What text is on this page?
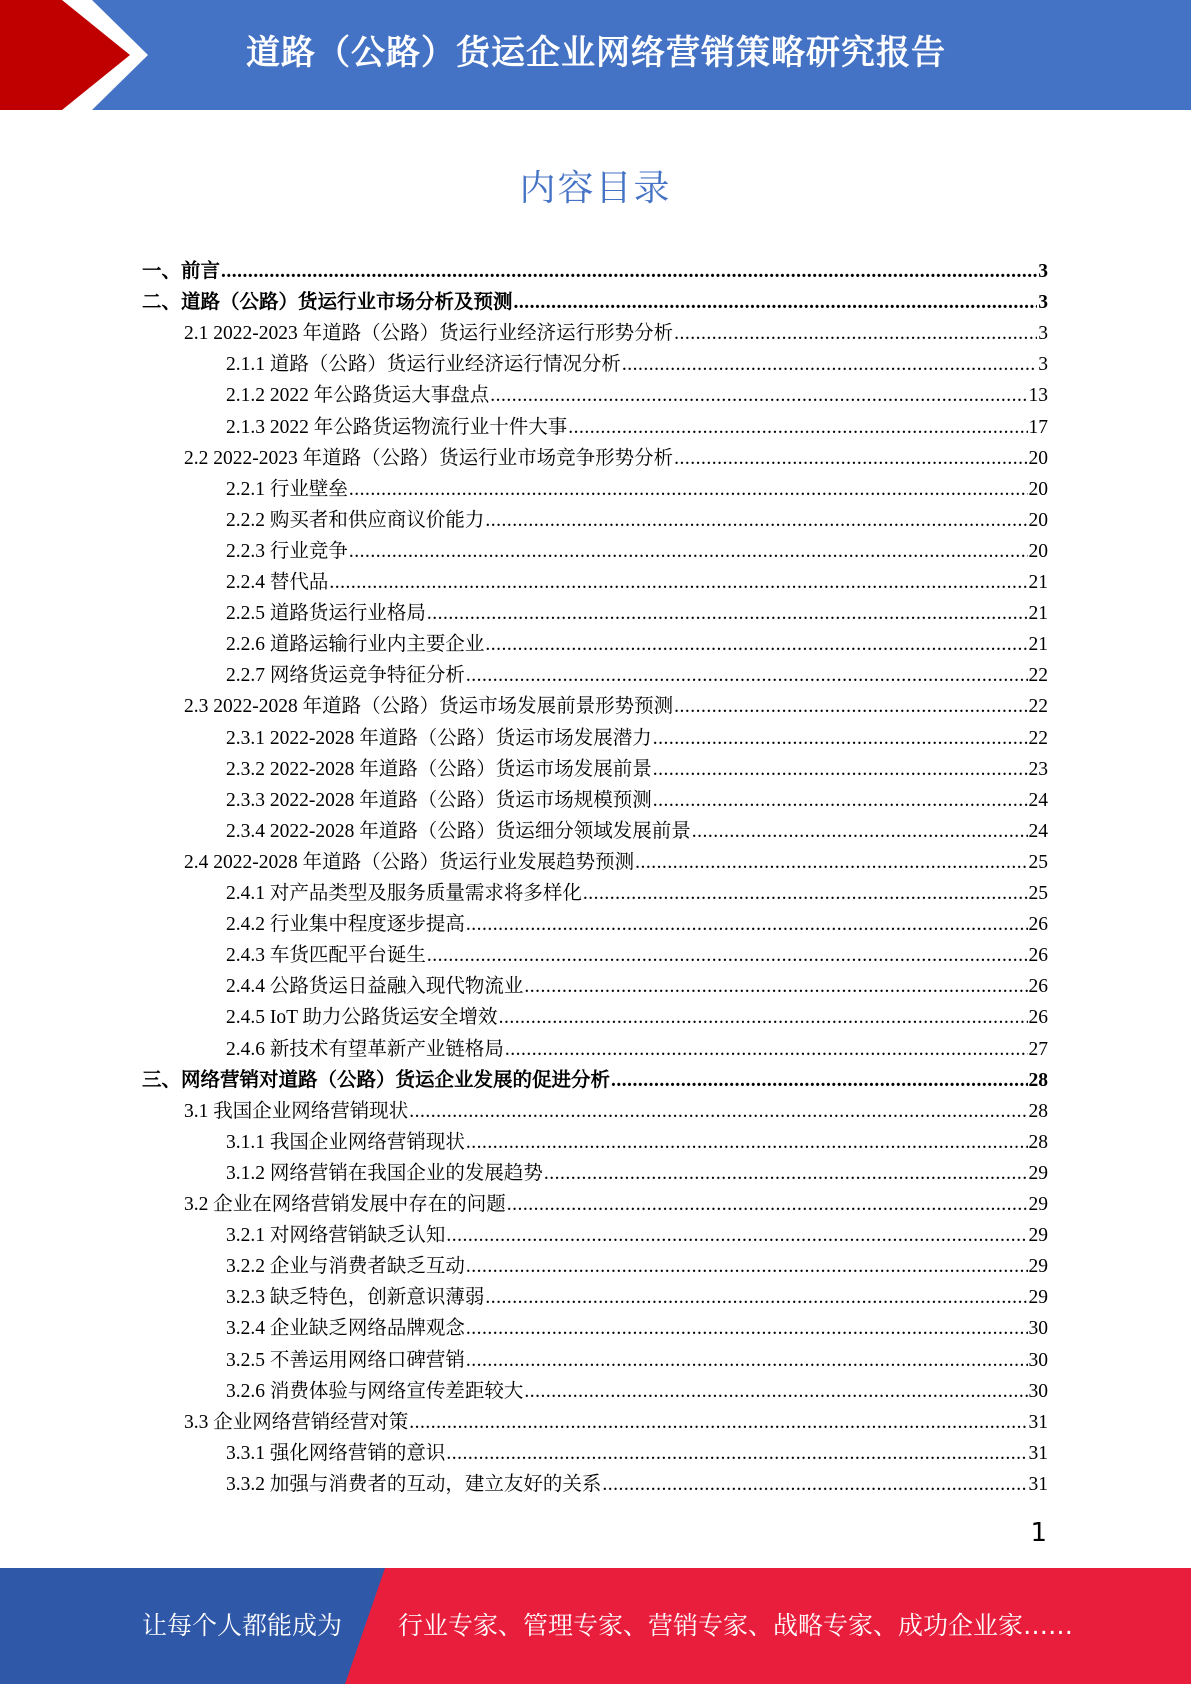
道路（公路）货运企业网络营销策略研究报告
内容目录
一、前言 .....	3
二、道路（公路）货运行业市场分析及预测 .....	3
2.1 2022-2023 年道路（公路）货运行业经济运行形势分析 .....	3
2.1.1 道路（公路）货运行业经济运行情况分析 .....	3
2.1.2 2022 年公路货运大事盘点 .....	13
2.1.3 2022 年公路货运物流行业十件大事 .....	17
2.2 2022-2023 年道路（公路）货运行业市场竞争形势分析 .....	20
2.2.1 行业壁垒 .....	20
2.2.2 购买者和供应商议价能力 .....	20
2.2.3 行业竞争 .....	20
2.2.4 替代品 .....	21
2.2.5 道路货运行业格局 .....	21
2.2.6 道路运输行业内主要企业 .....	21
2.2.7 网络货运竞争特征分析 .....	22
2.3 2022-2028 年道路（公路）货运市场发展前景形势预测 .....	22
2.3.1 2022-2028 年道路（公路）货运市场发展潜力 .....	22
2.3.2 2022-2028 年道路（公路）货运市场发展前景 .....	23
2.3.3 2022-2028 年道路（公路）货运市场规模预测 .....	24
2.3.4 2022-2028 年道路（公路）货运细分领域发展前景 .....	24
2.4 2022-2028 年道路（公路）货运行业发展趋势预测 .....	25
2.4.1 对产品类型及服务质量需求将多样化 .....	25
2.4.2 行业集中程度逐步提高 .....	26
2.4.3 车货匹配平台诞生 .....	26
2.4.4 公路货运日益融入现代物流业 .....	26
2.4.5 IoT 助力公路货运安全增效 .....	26
2.4.6 新技术有望革新产业链格局 .....	27
三、网络营销对道路（公路）货运企业发展的促进分析 .....	28
3.1 我国企业网络营销现状 .....	28
3.1.1 我国企业网络营销现状 .....	28
3.1.2 网络营销在我国企业的发展趋势 .....	29
3.2 企业在网络营销发展中存在的问题 .....	29
3.2.1 对网络营销缺乏认知 .....	29
3.2.2 企业与消费者缺乏互动 .....	29
3.2.3 缺乏特色，创新意识薄弱 .....	29
3.2.4 企业缺乏网络品牌观念 .....	30
3.2.5 不善运用网络口碑营销 .....	30
3.2.6 消费体验与网络宣传差距较大 .....	30
3.3 企业网络营销经营对策 .....	31
3.3.1 强化网络营销的意识 .....	31
3.3.2 加强与消费者的互动，建立友好的关系 .....	31
1
让每个人都能成为 行业专家、管理专家、营销专家、战略专家、成功企业家……
